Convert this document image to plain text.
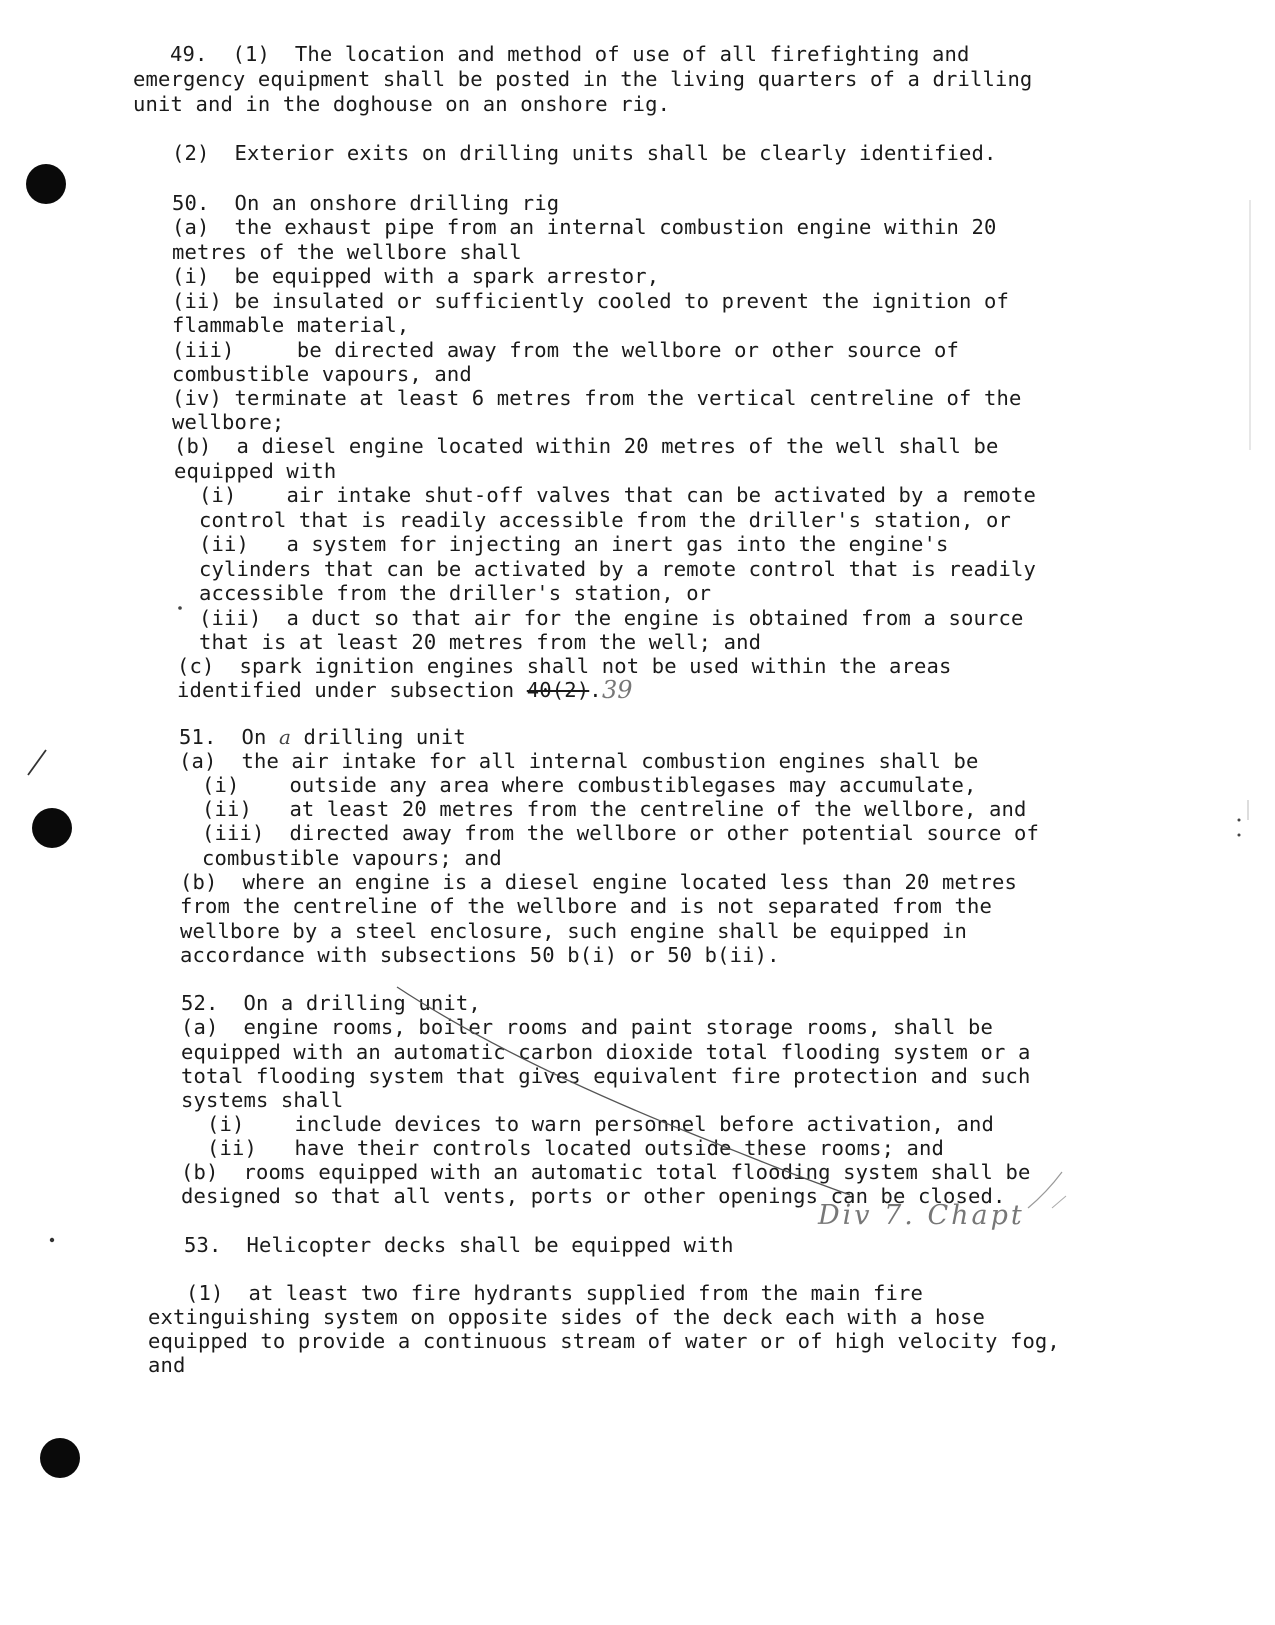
49.  (1)  The location and method of use of all firefighting and
emergency equipment shall be posted in the living quarters of a drilling
unit and in the doghouse on an onshore rig.
(2)  Exterior exits on drilling units shall be clearly identified.
50.  On an onshore drilling rig
(a)  the exhaust pipe from an internal combustion engine within 20
metres of the wellbore shall
(i)  be equipped with a spark arrestor,
(ii) be insulated or sufficiently cooled to prevent the ignition of
flammable material,
(iii)     be directed away from the wellbore or other source of
combustible vapours, and
(iv) terminate at least 6 metres from the vertical centreline of the
wellbore;
(b)  a diesel engine located within 20 metres of the well shall be
equipped with
(i)    air intake shut-off valves that can be activated by a remote
control that is readily accessible from the driller's station, or
(ii)   a system for injecting an inert gas into the engine's
cylinders that can be activated by a remote control that is readily
accessible from the driller's station, or
(iii)  a duct so that air for the engine is obtained from a source
that is at least 20 metres from the well; and
(c)  spark ignition engines shall not be used within the areas
identified under subsection 40(2). 39
51.  On a drilling unit
(a)  the air intake for all internal combustion engines shall be
(i)    outside any area where combustiblegases may accumulate,
(ii)   at least 20 metres from the centreline of the wellbore, and
(iii)  directed away from the wellbore or other potential source of
combustible vapours; and
(b)  where an engine is a diesel engine located less than 20 metres
from the centreline of the wellbore and is not separated from the
wellbore by a steel enclosure, such engine shall be equipped in
accordance with subsections 50 b(i) or 50 b(ii).
52.  On a drilling unit,
(a)  engine rooms, boiler rooms and paint storage rooms, shall be
equipped with an automatic carbon dioxide total flooding system or a
total flooding system that gives equivalent fire protection and such
systems shall
(i)    include devices to warn personnel before activation, and
(ii)   have their controls located outside these rooms; and
(b)  rooms equipped with an automatic total flooding system shall be
designed so that all vents, ports or other openings can be closed.
Div 7. Chapt
53.  Helicopter decks shall be equipped with
(1)  at least two fire hydrants supplied from the main fire
extinguishing system on opposite sides of the deck each with a hose
equipped to provide a continuous stream of water or of high velocity fog,
and
